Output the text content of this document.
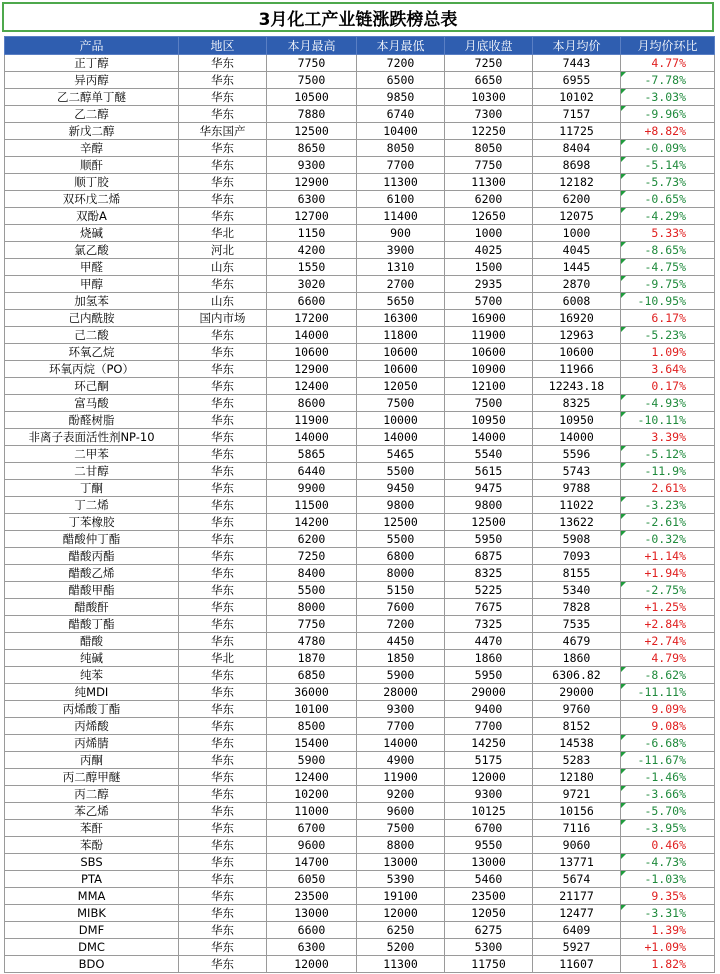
3月化工产业链涨跌榜总表
产品	地区	本月最高	本月最低	月底收盘	本月均价	月均价环比
正丁醇	华东	7750	7200	7250	7443	4.77%
异丙醇	华东	7500	6500	6650	6955	-7.78%
乙二醇单丁醚	华东	10500	9850	10300	10102	-3.03%
乙二醇	华东	7880	6740	7300	7157	-9.96%
新戊二醇	华东国产	12500	10400	12250	11725	+8.82%
辛醇	华东	8650	8050	8050	8404	-0.09%
顺酐	华东	9300	7700	7750	8698	-5.14%
顺丁胶	华东	12900	11300	11300	12182	-5.73%
双环戊二烯	华东	6300	6100	6200	6200	-0.65%
双酚A	华东	12700	11400	12650	12075	-4.29%
烧碱	华北	1150	900	1000	1000	5.33%
氯乙酸	河北	4200	3900	4025	4045	-8.65%
甲醛	山东	1550	1310	1500	1445	-4.75%
甲醇	华东	3020	2700	2935	2870	-9.75%
加氢苯	山东	6600	5650	5700	6008	-10.95%
己内酰胺	国内市场	17200	16300	16900	16920	6.17%
己二酸	华东	14000	11800	11900	12963	-5.23%
环氧乙烷	华东	10600	10600	10600	10600	1.09%
环氧丙烷（PO）	华东	12900	10600	10900	11966	3.64%
环己酮	华东	12400	12050	12100	12243.18	0.17%
富马酸	华东	8600	7500	7500	8325	-4.93%
酚醛树脂	华东	11900	10000	10950	10950	-10.11%
非离子表面活性剂NP-10	华东	14000	14000	14000	14000	3.39%
二甲苯	华东	5865	5465	5540	5596	-5.12%
二甘醇	华东	6440	5500	5615	5743	-11.9%
丁酮	华东	9900	9450	9475	9788	2.61%
丁二烯	华东	11500	9800	9800	11022	-3.23%
丁苯橡胶	华东	14200	12500	12500	13622	-2.61%
醋酸仲丁酯	华东	6200	5500	5950	5908	-0.32%
醋酸丙酯	华东	7250	6800	6875	7093	+1.14%
醋酸乙烯	华东	8400	8000	8325	8155	+1.94%
醋酸甲酯	华东	5500	5150	5225	5340	-2.75%
醋酸酐	华东	8000	7600	7675	7828	+1.25%
醋酸丁酯	华东	7750	7200	7325	7535	+2.84%
醋酸	华东	4780	4450	4470	4679	+2.74%
纯碱	华北	1870	1850	1860	1860	4.79%
纯苯	华东	6850	5900	5950	6306.82	-8.62%
纯MDI	华东	36000	28000	29000	29000	-11.11%
丙烯酸丁酯	华东	10100	9300	9400	9760	9.09%
丙烯酸	华东	8500	7700	7700	8152	9.08%
丙烯腈	华东	15400	14000	14250	14538	-6.68%
丙酮	华东	5900	4900	5175	5283	-11.67%
丙二醇甲醚	华东	12400	11900	12000	12180	-1.46%
丙二醇	华东	10200	9200	9300	9721	-3.66%
苯乙烯	华东	11000	9600	10125	10156	-5.70%
苯酐	华东	6700	7500	6700	7116	-3.95%
苯酚	华东	9600	8800	9550	9060	0.46%
SBS	华东	14700	13000	13000	13771	-4.73%
PTA	华东	6050	5390	5460	5674	-1.03%
MMA	华东	23500	19100	23500	21177	9.35%
MIBK	华东	13000	12000	12050	12477	-3.31%
DMF	华东	6600	6250	6275	6409	1.39%
DMC	华东	6300	5200	5300	5927	+1.09%
BDO	华东	12000	11300	11750	11607	1.82%
